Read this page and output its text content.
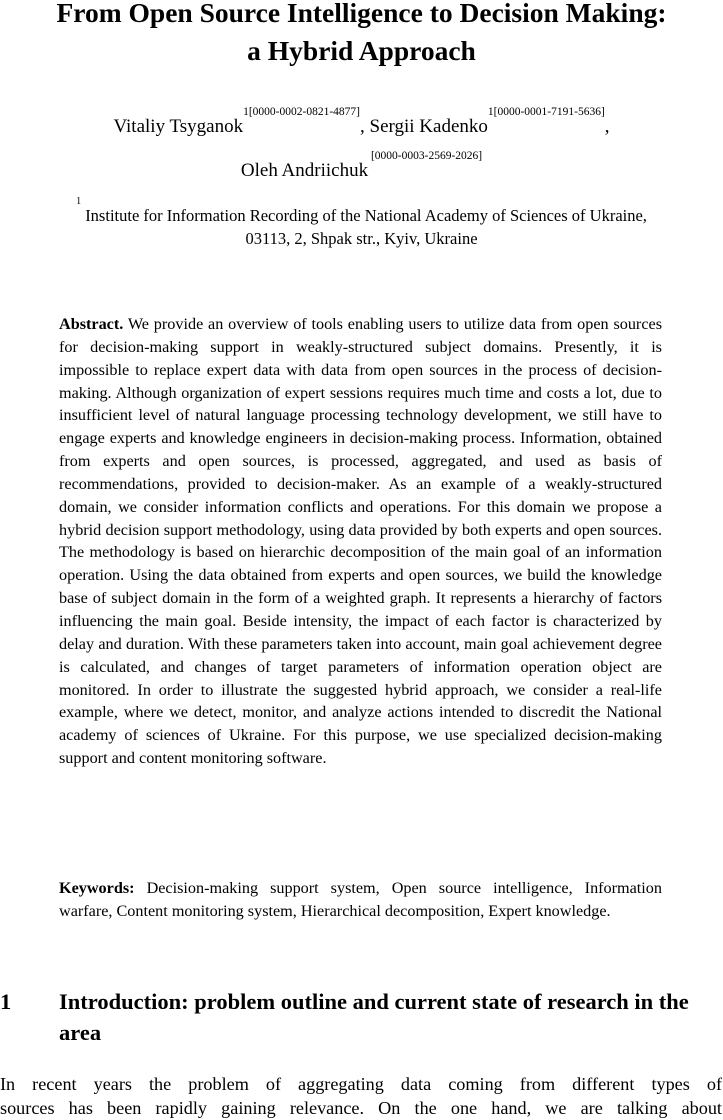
From Open Source Intelligence to Decision Making:
a Hybrid Approach
Vitaliy Tsyganok$^{1[0000-0002-0821-4877]}$, Sergii Kadenko$^{1[0000-0001-7191-5636]}$,
Oleh Andriichuk [0000-0003-2569-2026]
$^1$ Institute for Information Recording of the National Academy of Sciences of Ukraine,
03113, 2, Shpak str., Kyiv, Ukraine
Abstract. We provide an overview of tools enabling users to utilize data from open sources for decision-making support in weakly-structured subject domains. Presently, it is impossible to replace expert data with data from open sources in the process of decision-making. Although organization of expert sessions requires much time and costs a lot, due to insufficient level of natural language processing technology development, we still have to engage experts and knowledge engineers in decision-making process. Information, obtained from experts and open sources, is processed, aggregated, and used as basis of recommendations, provided to decision-maker. As an example of a weakly-structured domain, we consider information conflicts and operations. For this domain we propose a hybrid decision support methodology, using data provided by both experts and open sources. The methodology is based on hierarchic decomposition of the main goal of an information operation. Using the data obtained from experts and open sources, we build the knowledge base of subject domain in the form of a weighted graph. It represents a hierarchy of factors influencing the main goal. Beside intensity, the impact of each factor is characterized by delay and duration. With these parameters taken into account, main goal achievement degree is calculated, and changes of target parameters of information operation object are monitored. In order to illustrate the suggested hybrid approach, we consider a real-life example, where we detect, monitor, and analyze actions intended to discredit the National academy of sciences of Ukraine. For this purpose, we use specialized decision-making support and content monitoring software.
Keywords: Decision-making support system, Open source intelligence, Information warfare, Content monitoring system, Hierarchical decomposition, Expert knowledge.
1 Introduction: problem outline and current state of research in the area
In recent years the problem of aggregating data coming from different types of
sources has been rapidly gaining relevance. On the one hand, we are talking about
